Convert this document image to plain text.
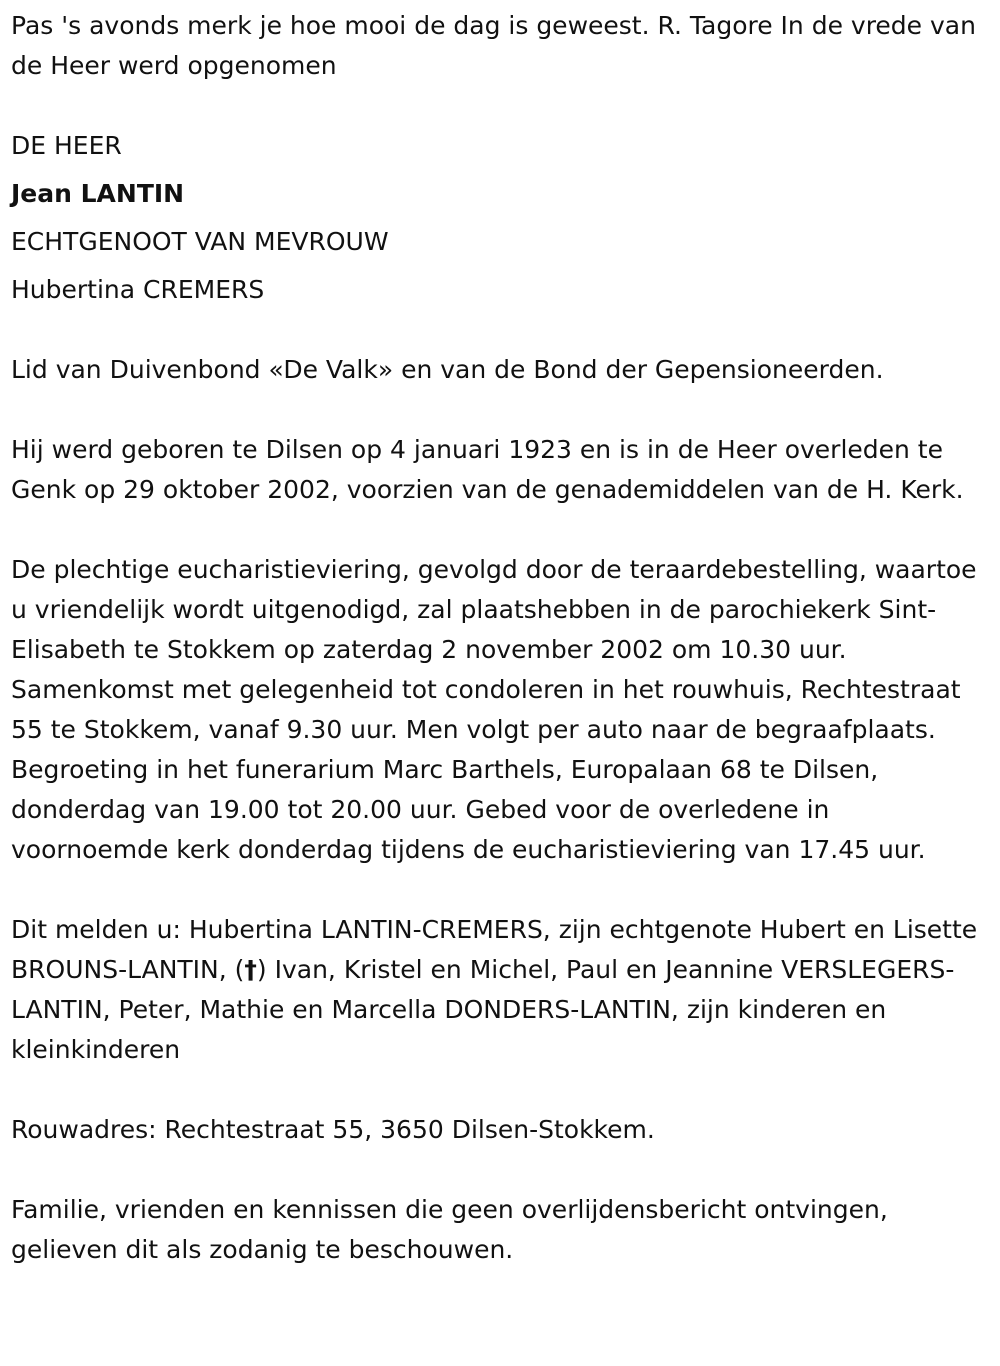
Pas 's avonds merk je hoe mooi de dag is geweest. R. Tagore In de vrede van de Heer werd opgenomen

DE HEER

Jean LANTIN

ECHTGENOOT VAN MEVROUW

Hubertina CREMERS

Lid van Duivenbond «De Valk» en van de Bond der Gepensioneerden.

Hij werd geboren te Dilsen op 4 januari 1923 en is in de Heer overleden te Genk op 29 oktober 2002, voorzien van de genademiddelen van de H. Kerk.

De plechtige eucharistieviering, gevolgd door de teraardebestelling, waartoe u vriendelijk wordt uitgenodigd, zal plaatshebben in de parochiekerk Sint-Elisabeth te Stokkem op zaterdag 2 november 2002 om 10.30 uur. Samenkomst met gelegenheid tot condoleren in het rouwhuis, Rechtestraat 55 te Stokkem, vanaf 9.30 uur. Men volgt per auto naar de begraafplaats. Begroeting in het funerarium Marc Barthels, Europalaan 68 te Dilsen, donderdag van 19.00 tot 20.00 uur. Gebed voor de overledene in voornoemde kerk donderdag tijdens de eucharistieviering van 17.45 uur.

Dit melden u: Hubertina LANTIN-CREMERS, zijn echtgenote Hubert en Lisette BROUNS-LANTIN, (†) Ivan, Kristel en Michel, Paul en Jeannine VERSLEGERS-LANTIN, Peter, Mathie en Marcella DONDERS-LANTIN, zijn kinderen en kleinkinderen

Rouwadres: Rechtestraat 55, 3650 Dilsen-Stokkem.

Familie, vrienden en kennissen die geen overlijdensbericht ontvingen, gelieven dit als zodanig te beschouwen.
